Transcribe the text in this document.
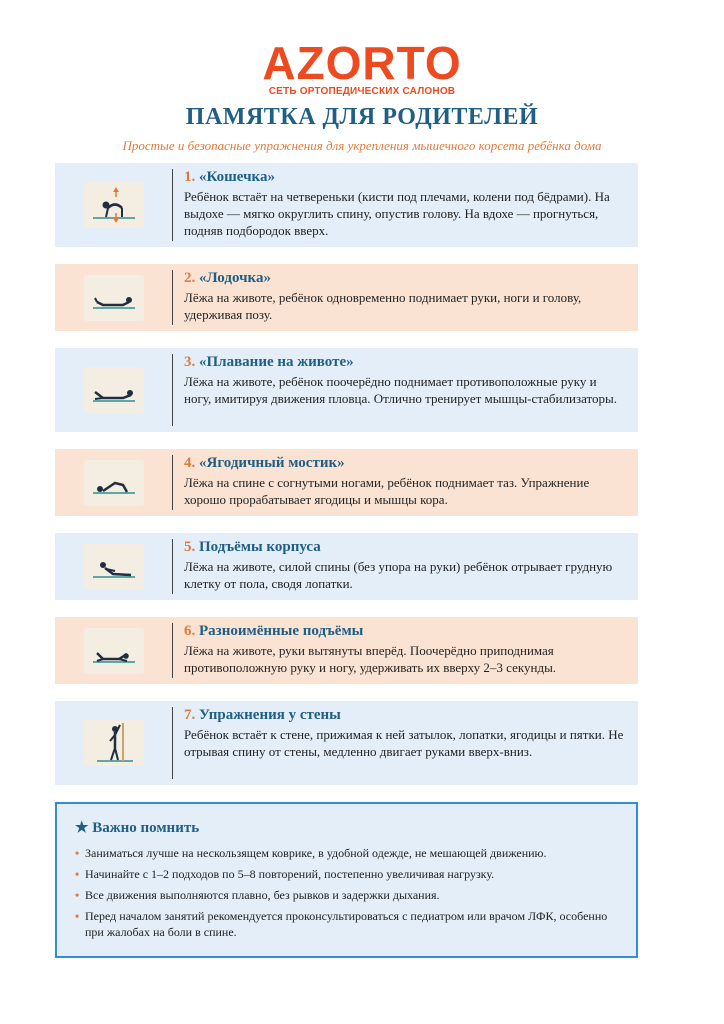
AZORTO
СЕТЬ ОРТОПЕДИЧЕСКИХ САЛОНОВ
ПАМЯТКА ДЛЯ РОДИТЕЛЕЙ
Простые и безопасные упражнения для укрепления мышечного корсета ребёнка дома
1. «Кошечка»
Ребёнок встаёт на четвереньки (кисти под плечами, колени под бёдрами). На выдохе — мягко округлить спину, опустив голову. На вдохе — прогнуться, подняв подбородок вверх.
2. «Лодочка»
Лёжа на животе, ребёнок одновременно поднимает руки, ноги и голову, удерживая позу.
3. «Плавание на животе»
Лёжа на животе, ребёнок поочерёдно поднимает противоположные руку и ногу, имитируя движения пловца. Отлично тренирует мышцы-стабилизаторы.
4. «Ягодичный мостик»
Лёжа на спине с согнутыми ногами, ребёнок поднимает таз. Упражнение хорошо прорабатывает ягодицы и мышцы кора.
5. Подъёмы корпуса
Лёжа на животе, силой спины (без упора на руки) ребёнок отрывает грудную клетку от пола, сводя лопатки.
6. Разноимённые подъёмы
Лёжа на животе, руки вытянуты вперёд. Поочерёдно приподнимая противоположную руку и ногу, удерживать их вверху 2–3 секунды.
7. Упражнения у стены
Ребёнок встаёт к стене, прижимая к ней затылок, лопатки, ягодицы и пятки. Не отрывая спину от стены, медленно двигает руками вверх-вниз.
★ Важно помнить
• Заниматься лучше на нескользящем коврике, в удобной одежде, не мешающей движению.
• Начинайте с 1–2 подходов по 5–8 повторений, постепенно увеличивая нагрузку.
• Все движения выполняются плавно, без рывков и задержки дыхания.
• Перед началом занятий рекомендуется проконсультироваться с педиатром или врачом ЛФК, особенно при жалобах на боли в спине.
